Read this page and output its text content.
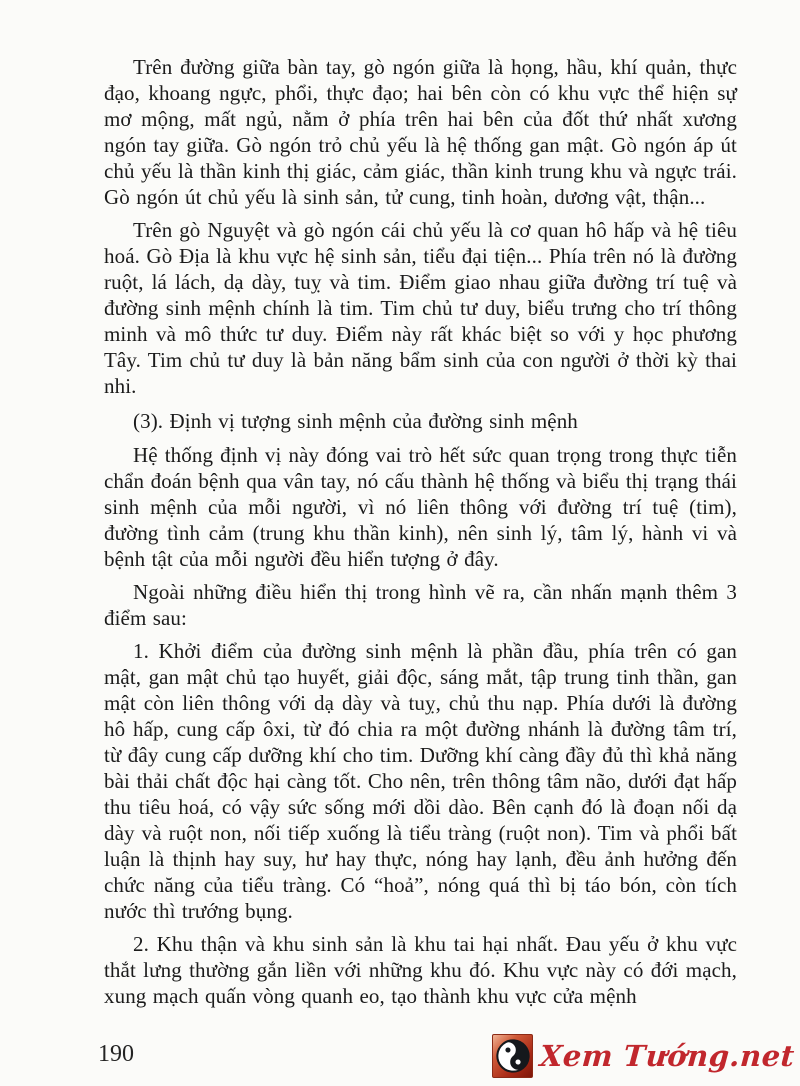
Trên đường giữa bàn tay, gò ngón giữa là họng, hầu, khí quản, thực đạo, khoang ngực, phổi, thực đạo; hai bên còn có khu vực thể hiện sự mơ mộng, mất ngủ, nằm ở phía trên hai bên của đốt thứ nhất xương ngón tay giữa. Gò ngón trỏ chủ yếu là hệ thống gan mật. Gò ngón áp út chủ yếu là thần kinh thị giác, cảm giác, thần kinh trung khu và ngực trái. Gò ngón út chủ yếu là sinh sản, tử cung, tinh hoàn, dương vật, thận...

Trên gò Nguyệt và gò ngón cái chủ yếu là cơ quan hô hấp và hệ tiêu hoá. Gò Địa là khu vực hệ sinh sản, tiểu đại tiện... Phía trên nó là đường ruột, lá lách, dạ dày, tuỵ và tim. Điểm giao nhau giữa đường trí tuệ và đường sinh mệnh chính là tim. Tim chủ tư duy, biểu trưng cho trí thông minh và mô thức tư duy. Điểm này rất khác biệt so với y học phương Tây. Tim chủ tư duy là bản năng bẩm sinh của con người ở thời kỳ thai nhi.

(3). Định vị tượng sinh mệnh của đường sinh mệnh

Hệ thống định vị này đóng vai trò hết sức quan trọng trong thực tiễn chẩn đoán bệnh qua vân tay, nó cấu thành hệ thống và biểu thị trạng thái sinh mệnh của mỗi người, vì nó liên thông với đường trí tuệ (tim), đường tình cảm (trung khu thần kinh), nên sinh lý, tâm lý, hành vi và bệnh tật của mỗi người đều hiển tượng ở đây.

Ngoài những điều hiển thị trong hình vẽ ra, cần nhấn mạnh thêm 3 điểm sau:

1. Khởi điểm của đường sinh mệnh là phần đầu, phía trên có gan mật, gan mật chủ tạo huyết, giải độc, sáng mắt, tập trung tinh thần, gan mật còn liên thông với dạ dày và tuỵ, chủ thu nạp. Phía dưới là đường hô hấp, cung cấp ôxi, từ đó chia ra một đường nhánh là đường tâm trí, từ đây cung cấp dưỡng khí cho tim. Dưỡng khí càng đầy đủ thì khả năng bài thải chất độc hại càng tốt. Cho nên, trên thông tâm não, dưới đạt hấp thu tiêu hoá, có vậy sức sống mới dồi dào. Bên cạnh đó là đoạn nối dạ dày và ruột non, nối tiếp xuống là tiểu tràng (ruột non). Tim và phổi bất luận là thịnh hay suy, hư hay thực, nóng hay lạnh, đều ảnh hưởng đến chức năng của tiểu tràng. Có “hoả”, nóng quá thì bị táo bón, còn tích nước thì trướng bụng.

2. Khu thận và khu sinh sản là khu tai hại nhất. Đau yếu ở khu vực thắt lưng thường gắn liền với những khu đó. Khu vực này có đới mạch, xung mạch quấn vòng quanh eo, tạo thành khu vực cửa mệnh

190	Xem Tướng.net
